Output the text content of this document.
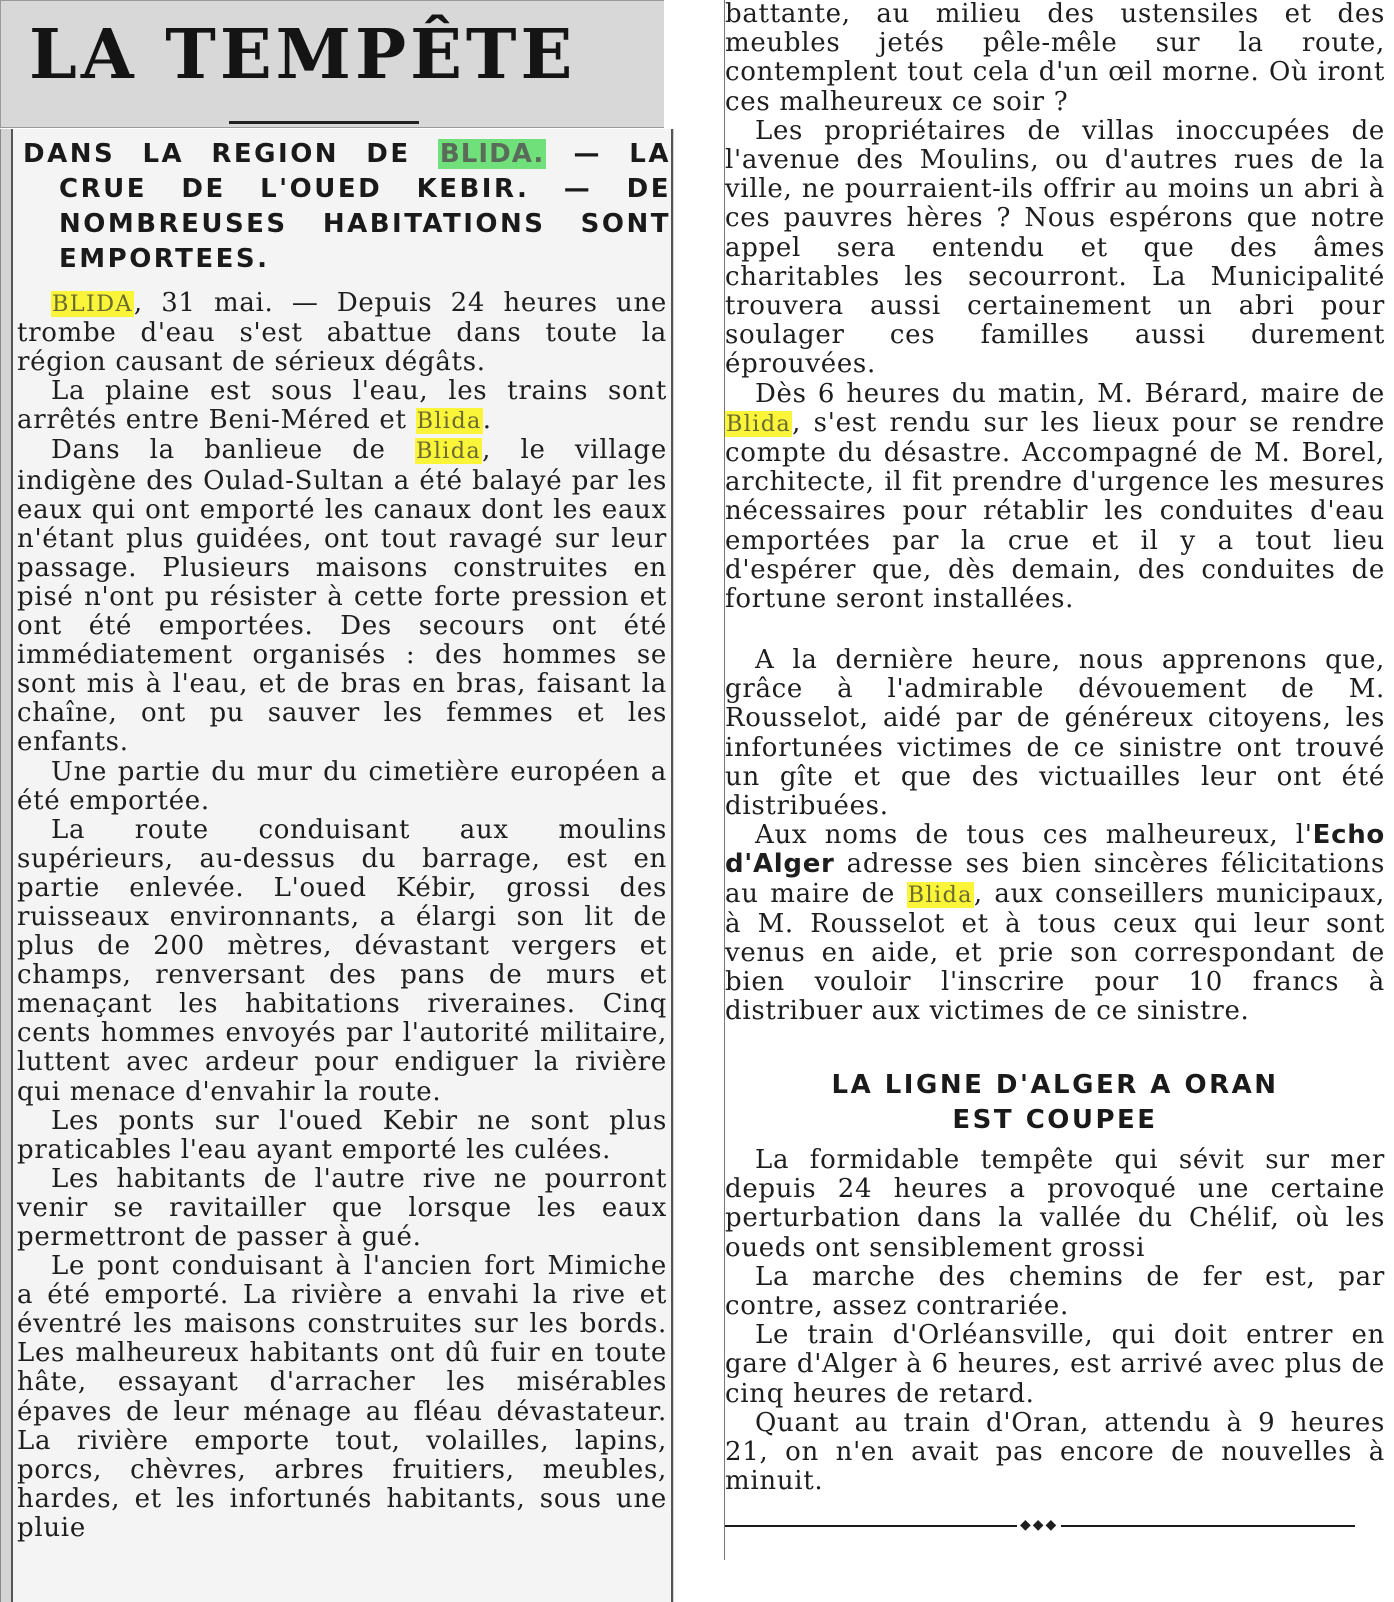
LA TEMPÊTE
DANS LA REGION DE BLIDA. — LA
CRUE DE L'OUED KEBIR. — DE
NOMBREUSES HABITATIONS SONT
EMPORTEES.

BLIDA, 31 mai. — Depuis 24 heures une trombe d'eau s'est abattue dans toute la région causant de sérieux dégâts.

La plaine est sous l'eau, les trains sont arrêtés entre Beni-Méred et Blida.

Dans la banlieue de Blida, le village indigène des Oulad-Sultan a été balayé par les eaux qui ont emporté les canaux dont les eaux n'étant plus guidées, ont tout ravagé sur leur passage. Plusieurs maisons construites en pisé n'ont pu résister à cette forte pression et ont été emportées. Des secours ont été immédiatement organisés : des hommes se sont mis à l'eau, et de bras en bras, faisant la chaîne, ont pu sauver les femmes et les enfants.

Une partie du mur du cimetière européen a été emportée.

La route conduisant aux moulins supérieurs, au-dessus du barrage, est en partie enlevée. L'oued Kébir, grossi des ruisseaux environnants, a élargi son lit de plus de 200 mètres, dévastant vergers et champs, renversant des pans de murs et menaçant les habitations riveraines. Cinq cents hommes envoyés par l'autorité militaire, luttent avec ardeur pour endiguer la rivière qui menace d'envahir la route.

Les ponts sur l'oued Kebir ne sont plus praticables l'eau ayant emporté les culées.

Les habitants de l'autre rive ne pourront venir se ravitailler que lorsque les eaux permettront de passer à gué.

Le pont conduisant à l'ancien fort Mimiche a été emporté. La rivière a envahi la rive et éventré les maisons construites sur les bords. Les malheureux habitants ont dû fuir en toute hâte, essayant d'arracher les misérables épaves de leur ménage au fléau dévastateur. La rivière emporte tout, volailles, lapins, porcs, chèvres, arbres fruitiers, meubles, hardes, et les infortunés habitants, sous une pluie

battante, au milieu des ustensiles et des meubles jetés pêle-mêle sur la route, contemplent tout cela d'un œil morne. Où iront ces malheureux ce soir ?

Les propriétaires de villas inoccupées de l'avenue des Moulins, ou d'autres rues de la ville, ne pourraient-ils offrir au moins un abri à ces pauvres hères ? Nous espérons que notre appel sera entendu et que des âmes charitables les secourront. La Municipalité trouvera aussi certainement un abri pour soulager ces familles aussi durement éprouvées.

Dès 6 heures du matin, M. Bérard, maire de Blida, s'est rendu sur les lieux pour se rendre compte du désastre. Accompagné de M. Borel, architecte, il fit prendre d'urgence les mesures nécessaires pour rétablir les conduites d'eau emportées par la crue et il y a tout lieu d'espérer que, dès demain, des conduites de fortune seront installées.

A la dernière heure, nous apprenons que, grâce à l'admirable dévouement de M. Rousselot, aidé par de généreux citoyens, les infortunées victimes de ce sinistre ont trouvé un gîte et que des victuailles leur ont été distribuées.

Aux noms de tous ces malheureux, l'Echo d'Alger adresse ses bien sincères félicitations au maire de Blida, aux conseillers municipaux, à M. Rousselot et à tous ceux qui leur sont venus en aide, et prie son correspondant de bien vouloir l'inscrire pour 10 francs à distribuer aux victimes de ce sinistre.

LA LIGNE D'ALGER A ORAN
EST COUPEE

La formidable tempête qui sévit sur mer depuis 24 heures a provoqué une certaine perturbation dans la vallée du Chélif, où les oueds ont sensiblement grossi

La marche des chemins de fer est, par contre, assez contrariée.

Le train d'Orléansville, qui doit entrer en gare d'Alger à 6 heures, est arrivé avec plus de cinq heures de retard.

Quant au train d'Oran, attendu à 9 heures 21, on n'en avait pas encore de nouvelles à minuit.

◆◆◆
